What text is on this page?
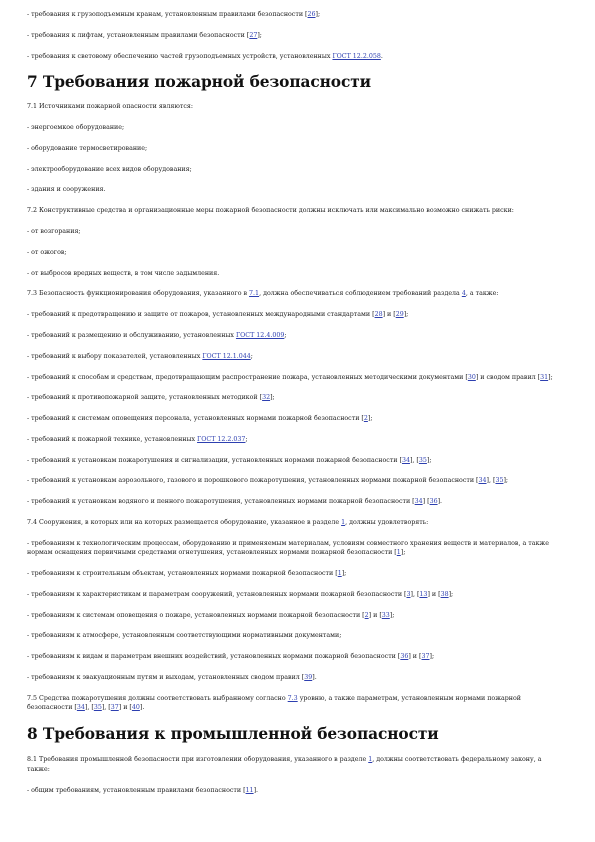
- требования к грузоподъемным кранам, установленным правилами безопасности [26];

- требования к лифтам, установленным правилами безопасности [27];

- требования к световому обеспечению частей грузоподъемных устройств, установленных ГОСТ 12.2.058.

7 Требования пожарной безопасности

7.1 Источниками пожарной опасности являются:

- энергоемкое оборудование;

- оборудование термосветирование;

- электрооборудование всех видов оборудования;

- здания и сооружения.

7.2 Конструктивные средства и организационные меры пожарной безопасности должны исключать или максимально возможно снижать риски:

- от возгорания;

- от ожогов;

- от выбросов вредных веществ, в том числе задымления.

7.3 Безопасность функционирования оборудования, указанного в 7.1, должна обеспечиваться соблюдением требований раздела 4, а также:

- требований к предотвращению и защите от пожаров, установленных международными стандартами [28] и [29];

- требований к размещению и обслуживанию, установленных ГОСТ 12.4.009;

- требований к выбору показателей, установленных ГОСТ 12.1.044;

- требований к способам и средствам, предотвращающим распространение пожара, установленных методическими документами [30] и сводом правил [31];

- требований к противопожарной защите, установленных методикой [32];

- требований к системам оповещения персонала, установленных нормами пожарной безопасности [2];

- требований к пожарной технике, установленных ГОСТ 12.2.037;

- требований к установкам пожаротушения и сигнализации, установленных нормами пожарной безопасности [34], [35];

- требований к установкам аэрозольного, газового и порошкового пожаротушения, установленных нормами пожарной безопасности [34], [35];

- требований к установкам водяного и пенного пожаротушения, установленных нормами пожарной безопасности [34] [36].

7.4 Сооружения, в которых или на которых размещается оборудование, указанное в разделе 1, должны удовлетворять:

- требованиям к технологическим процессам, оборудованию и применяемым материалам, условиям совместного хранения веществ и материалов, а также нормам оснащения первичными средствами огнетушения, установленных нормами пожарной безопасности [1];

- требованиям к строительным объектам, установленных нормами пожарной безопасности [1];

- требованиям к характеристикам и параметрам сооружений, установленных нормами пожарной безопасности [3], [13] и [38];

- требованиям к системам оповещения о пожаре, установленных нормами пожарной безопасности [2] и [33];

- требованиям к атмосфере, установленным соответствующими нормативными документами;

- требованиям к видам и параметрам внешних воздействий, установленных нормами пожарной безопасности [36] и [37];

- требованиям к эвакуационным путям и выходам, установленных сводом правил [39].

7.5 Средства пожаротушения должны соответствовать выбранному согласно 7.3 уровню, а также параметрам, установленным нормами пожарной безопасности [34], [35], [37] и [40].

8 Требования к промышленной безопасности

8.1 Требования промышленной безопасности при изготовлении оборудования, указанного в разделе 1, должны соответствовать федеральному закону, а также:

- общим требованиям, установленным правилами безопасности [11].
